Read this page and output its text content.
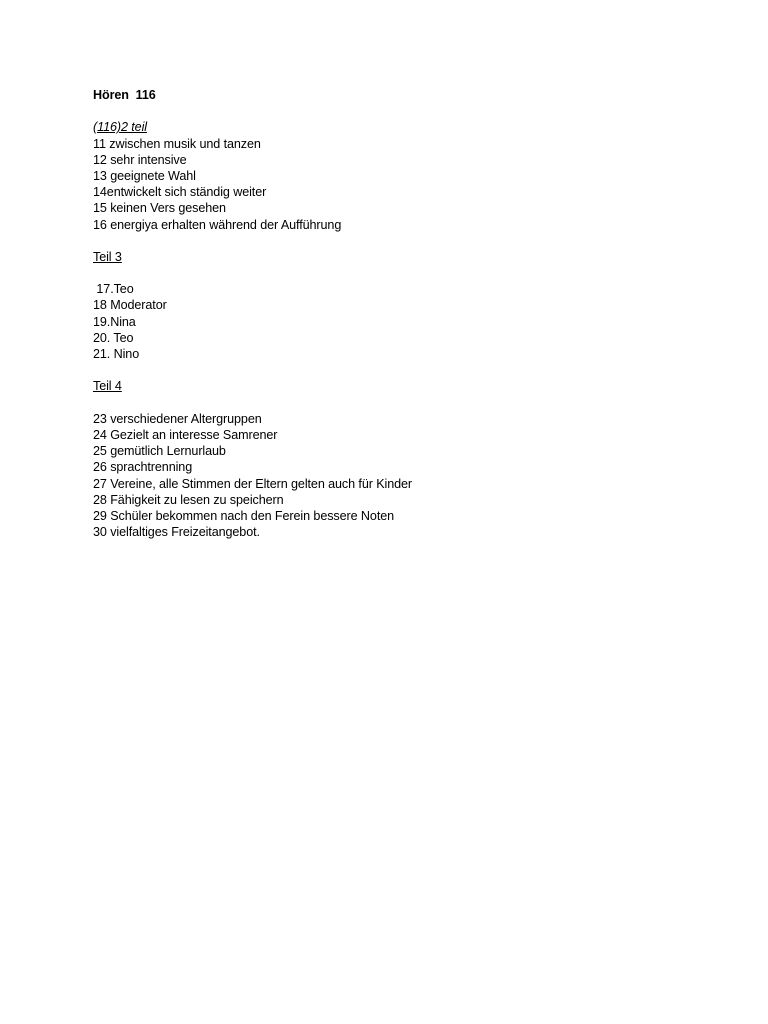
Hören  116
(116)2 teil
11 zwischen musik und tanzen
12 sehr intensive
13 geeignete Wahl
14entwickelt sich ständig weiter
15 keinen Vers gesehen
16 energiya erhalten während der Aufführung
Teil 3
17.Teo
18 Moderator
19.Nina
20. Teo
21. Nino
Teil 4
23 verschiedener Altergruppen
24 Gezielt an interesse Samrener
25 gemütlich Lernurlaub
26 sprachtrenning
27 Vereine, alle Stimmen der Eltern gelten auch für Kinder
28 Fähigkeit zu lesen zu speichern
29 Schüler bekommen nach den Ferein bessere Noten
30 vielfaltiges Freizeitangebot.
